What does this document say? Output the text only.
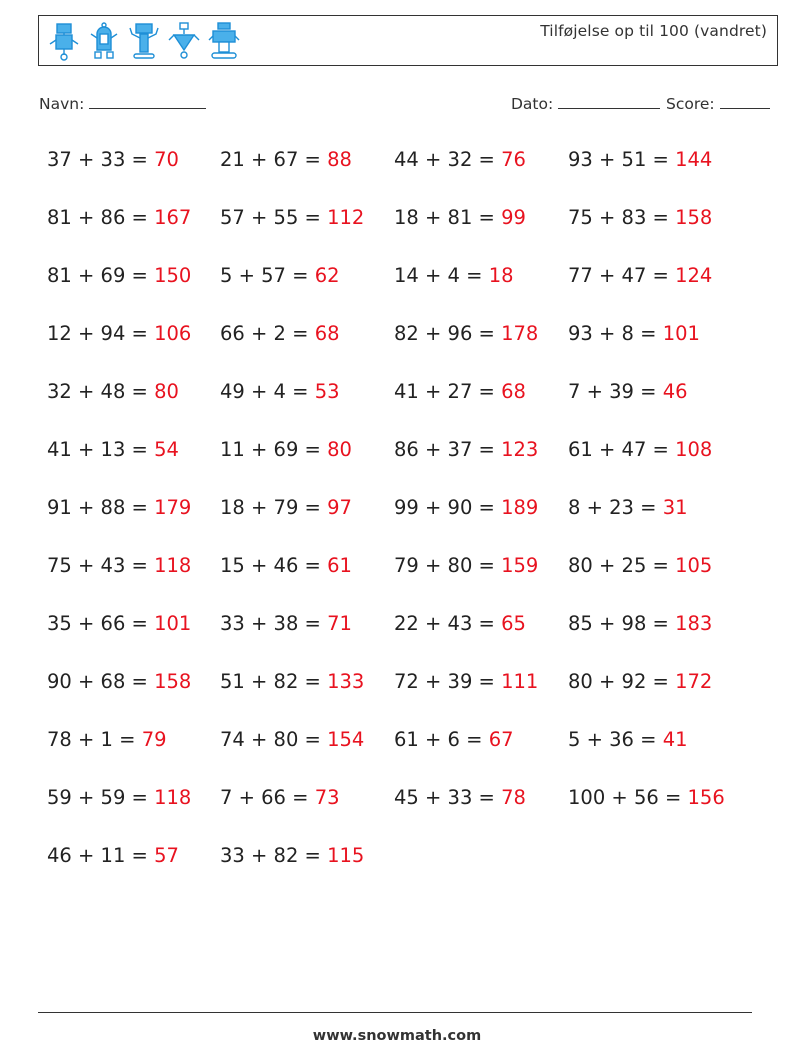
Tilføjelse op til 100 (vandret)
Navn:	Dato:	Score:
37 + 33 = 70 21 + 67 = 88 44 + 32 = 76 93 + 51 = 144
81 + 86 = 167 57 + 55 = 112 18 + 81 = 99 75 + 83 = 158
81 + 69 = 150 5 + 57 = 62	14 + 4 = 18	77 + 47 = 124
12 + 94 = 106 66 + 2 = 68	82 + 96 = 178 93 + 8 = 101
32 + 48 = 80 49 + 4 = 53	41 + 27 = 68 7 + 39 = 46
41 + 13 = 54 11 + 69 = 80 86 + 37 = 123 61 + 47 = 108
91 + 88 = 179 18 + 79 = 97 99 + 90 = 189 8 + 23 = 31
75 + 43 = 118 15 + 46 = 61 79 + 80 = 159 80 + 25 = 105
35 + 66 = 101 33 + 38 = 71 22 + 43 = 65 85 + 98 = 183
90 + 68 = 158 51 + 82 = 133 72 + 39 = 111 80 + 92 = 172
78 + 1 = 79	74 + 80 = 154 61 + 6 = 67	5 + 36 = 41
59 + 59 = 118 7 + 66 = 73	45 + 33 = 78 100 + 56 = 156
46 + 11 = 57 33 + 82 = 115
www.snowmath.com
